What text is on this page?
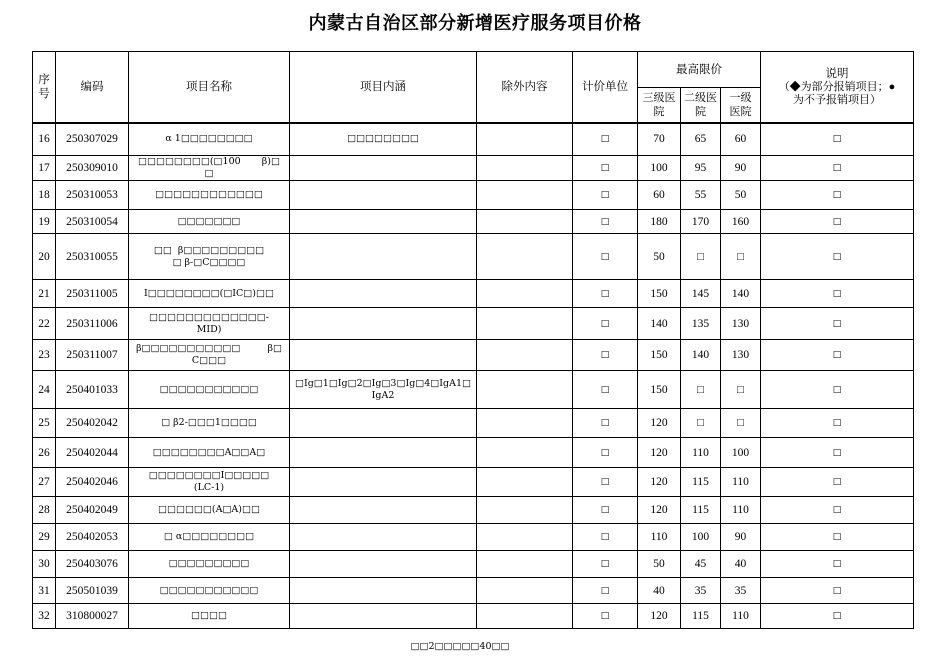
内蒙古自治区部分新增医疗服务项目价格
序号	编码	项目名称	项目内涵	除外内容	计价单位	最高限价			说明
（◆为部分报销项目；●
为不予报销项目）

						三级医院	二级医院	一级医院	
16	250307029	α 1□□□□□□□□	□□□□□□□□		□	70	65	60	□
17	250309010	□□□□□□□□(□100       β)□
□			□	100	95	90	□
18	250310053	□□□□□□□□□□□□			□	60	55	50	□
19	250310054	□□□□□□□			□	180	170	160	□
20	250310055	□□  β□□□□□□□□□
□ β-□C□□□□			□	50	□	□	□
21	250311005	I□□□□□□□□(□IC□)□□			□	150	145	140	□
22	250311006	□□□□□□□□□□□□□-
MID)			□	140	135	130	□
23	250311007	β□□□□□□□□□□□         β□
C□□□			□	150	140	130	□
24	250401033	□□□□□□□□□□□	□Ig□1□Ig□2□Ig□3□Ig□4□IgA1□
IgA2		□	150	□	□	□
25	250402042	□ β2-□□□1□□□□			□	120	□	□	□
26	250402044	□□□□□□□□A□□A□			□	120	110	100	□
27	250402046	□□□□□□□□I□□□□□
(LC-1)			□	120	115	110	□
28	250402049	□□□□□□(A□A)□□			□	120	115	110	□
29	250402053	□ α□□□□□□□□			□	110	100	90	□
30	250403076	□□□□□□□□□			□	50	45	40	□
31	250501039	□□□□□□□□□□□			□	40	35	35	□
32	310800027	□□□□			□	120	115	110	□
□□2□□□□□40□□
